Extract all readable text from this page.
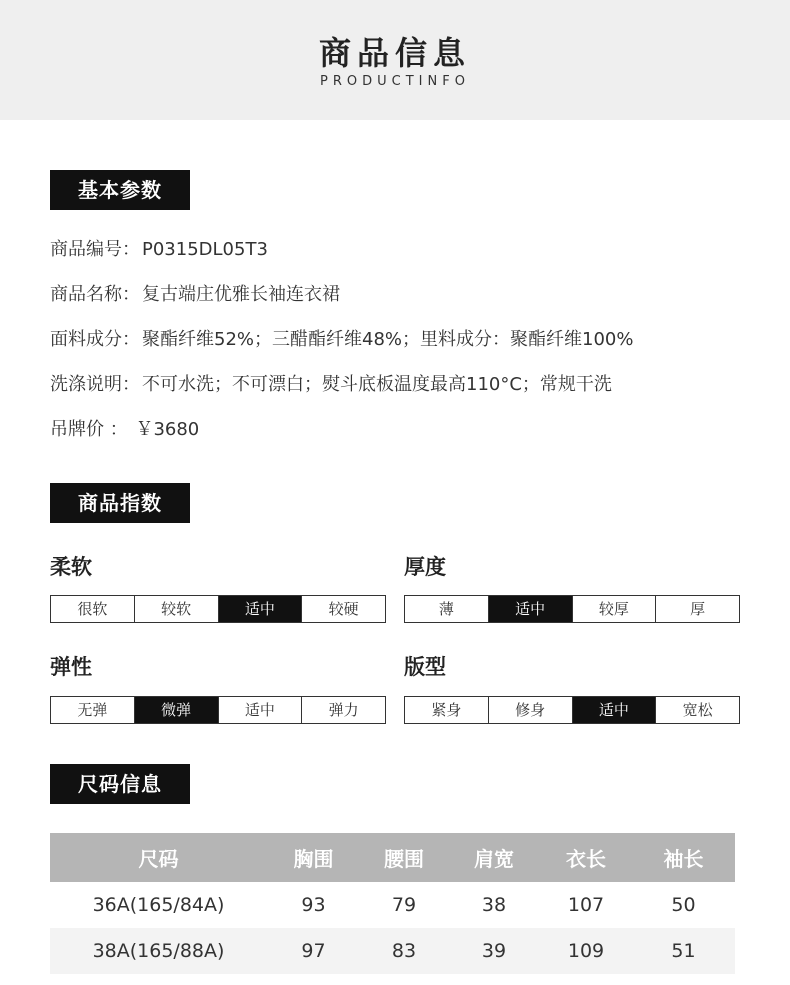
商品信息
PRODUCTINFO
基本参数
商品编号： P0315DL05T3
商品名称： 复古端庄优雅长袖连衣裙
面料成分： 聚酯纤维52%；三醋酯纤维48%；里料成分：聚酯纤维100%
洗涤说明： 不可水洗；不可漂白；熨斗底板温度最高110°C；常规干洗
吊牌价 ： ￥3680
商品指数
柔软
很软	较软	适中	较硬
厚度
薄	适中	较厚	厚
弹性
无弹	微弹	适中	弹力
版型
紧身	修身	适中	宽松
尺码信息
尺码	胸围	腰围	肩宽	衣长	袖长
36A(165/84A)	93	79	38	107	50
38A(165/88A)	97	83	39	109	51
